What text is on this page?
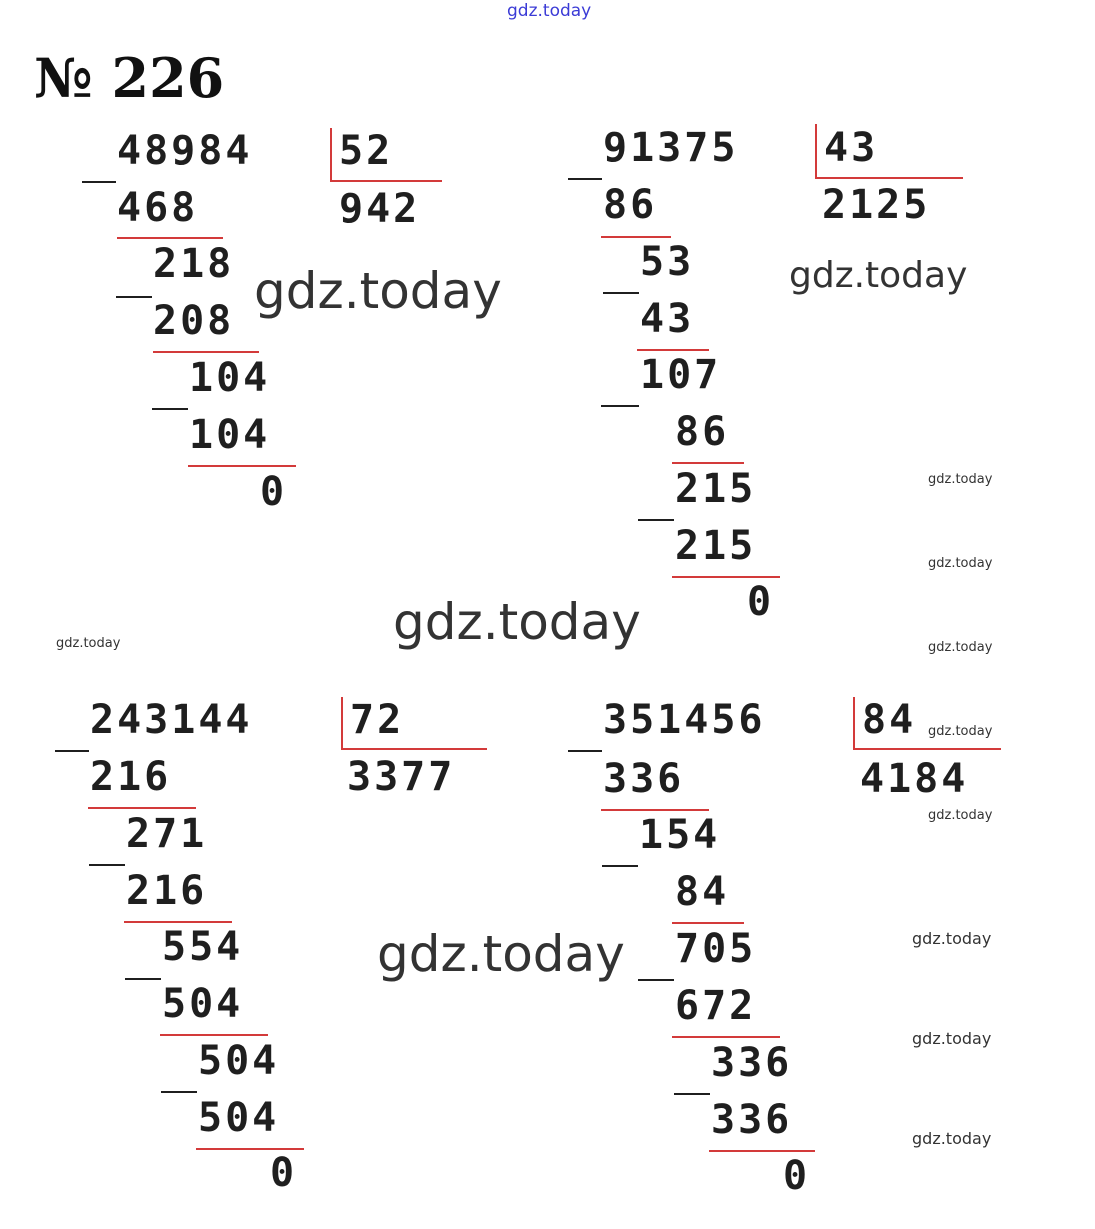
gdz.today
№ 226
48984 52
942
468
218
208
104
104
0
91375 43
2125
86
53
43
107
86
215
215
0
243144 72
3377
216
271
216
554
504
504
504
0
351456 84
4184
336
154
84
705
672
336
336
0
gdz.today	gdz.today
gdz.today
gdz.today
gdz.today
gdz.today
gdz.today
gdz.today
gdz.today
gdz.today
gdz.today
gdz.today
gdz.today
